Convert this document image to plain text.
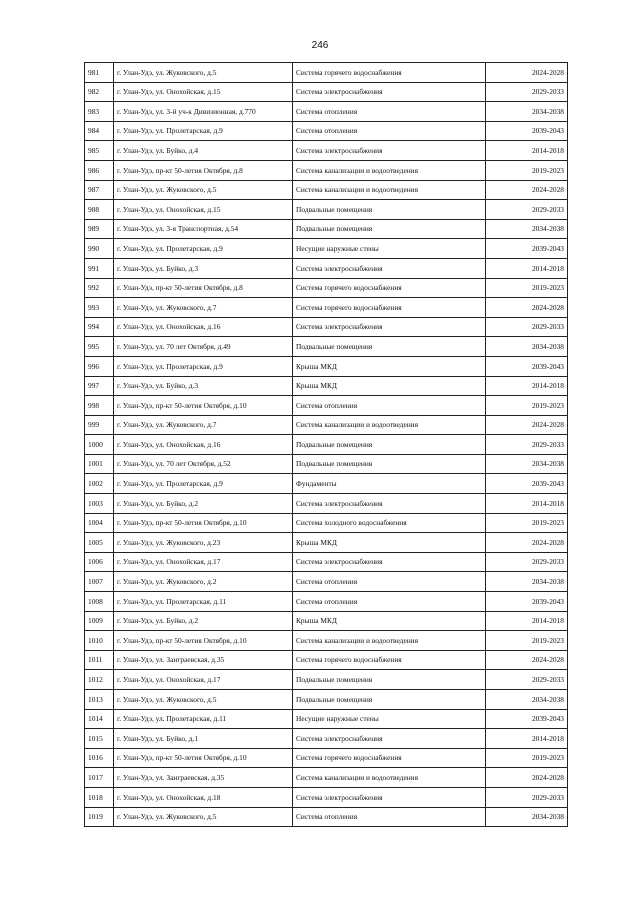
246
981	г. Улан-Удэ, ул. Жуковского, д.5	Система горячего водоснабжения	2024-2028
982	г. Улан-Удэ, ул. Онохойская, д.15	Система электроснабжения	2029-2033
983	г. Улан-Удэ, ул. 3-й уч-к Дивизионная, д.770	Система отопления	2034-2038
984	г. Улан-Удэ, ул. Пролетарская, д.9	Система отопления	2039-2043
985	г. Улан-Удэ, ул. Буйко, д.4	Система электроснабжения	2014-2018
986	г. Улан-Удэ, пр-кт 50-летия Октября, д.8	Система канализации и водоотведения	2019-2023
987	г. Улан-Удэ, ул. Жуковского, д.5	Система канализации и водоотведения	2024-2028
988	г. Улан-Удэ, ул. Онохойская, д.15	Подвальные помещения	2029-2033
989	г. Улан-Удэ, ул. 3-я Транспортная, д.54	Подвальные помещения	2034-2038
990	г. Улан-Удэ, ул. Пролетарская, д.9	Несущие наружные стены	2039-2043
991	г. Улан-Удэ, ул. Буйко, д.3	Система электроснабжения	2014-2018
992	г. Улан-Удэ, пр-кт 50-летия Октября, д.8	Система горячего водоснабжения	2019-2023
993	г. Улан-Удэ, ул. Жуковского, д.7	Система горячего водоснабжения	2024-2028
994	г. Улан-Удэ, ул. Онохойская, д.16	Система электроснабжения	2029-2033
995	г. Улан-Удэ, ул. 70 лет Октября, д.49	Подвальные помещения	2034-2038
996	г. Улан-Удэ, ул. Пролетарская, д.9	Крыша МКД	2039-2043
997	г. Улан-Удэ, ул. Буйко, д.3	Крыша МКД	2014-2018
998	г. Улан-Удэ, пр-кт 50-летия Октября, д.10	Система отопления	2019-2023
999	г. Улан-Удэ, ул. Жуковского, д.7	Система канализации и водоотведения	2024-2028
1000	г. Улан-Удэ, ул. Онохойская, д.16	Подвальные помещения	2029-2033
1001	г. Улан-Удэ, ул. 70 лет Октября, д.52	Подвальные помещения	2034-2038
1002	г. Улан-Удэ, ул. Пролетарская, д.9	Фундаменты	2039-2043
1003	г. Улан-Удэ, ул. Буйко, д.2	Система электроснабжения	2014-2018
1004	г. Улан-Удэ, пр-кт 50-летия Октября, д.10	Система холодного водоснабжения	2019-2023
1005	г. Улан-Удэ, ул. Жуковского, д.23	Крыша МКД	2024-2028
1006	г. Улан-Удэ, ул. Онохойская, д.17	Система электроснабжения	2029-2033
1007	г. Улан-Удэ, ул. Жуковского, д.2	Система отопления	2034-2038
1008	г. Улан-Удэ, ул. Пролетарская, д.11	Система отопления	2039-2043
1009	г. Улан-Удэ, ул. Буйко, д.2	Крыша МКД	2014-2018
1010	г. Улан-Удэ, пр-кт 50-летия Октября, д.10	Система канализации и водоотведения	2019-2023
1011	г. Улан-Удэ, ул. Заиграевская, д.35	Система горячего водоснабжения	2024-2028
1012	г. Улан-Удэ, ул. Онохойская, д.17	Подвальные помещения	2029-2033
1013	г. Улан-Удэ, ул. Жуковского, д.5	Подвальные помещения	2034-2038
1014	г. Улан-Удэ, ул. Пролетарская, д.11	Несущие наружные стены	2039-2043
1015	г. Улан-Удэ, ул. Буйко, д.1	Система электроснабжения	2014-2018
1016	г. Улан-Удэ, пр-кт 50-летия Октября, д.10	Система горячего водоснабжения	2019-2023
1017	г. Улан-Удэ, ул. Заиграевская, д.35	Система канализации и водоотведения	2024-2028
1018	г. Улан-Удэ, ул. Онохойская, д.18	Система электроснабжения	2029-2033
1019	г. Улан-Удэ, ул. Жуковского, д.5	Система отопления	2034-2038
